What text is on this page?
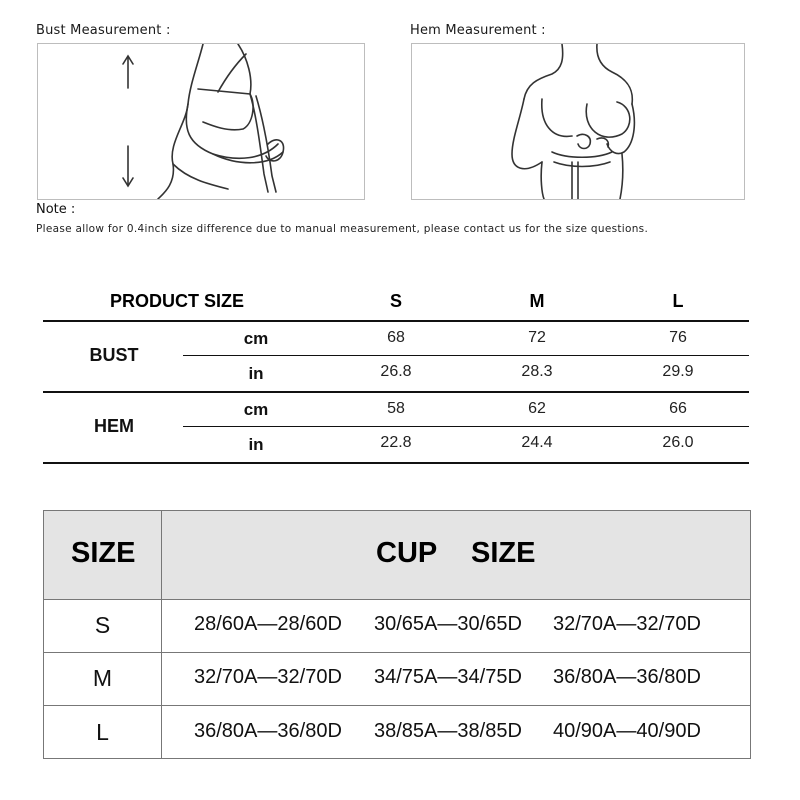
Bust Measurement :	Hem Measurement :
Note :
Please allow for 0.4inch size difference due to manual measurement, please contact us for the size questions.
PRODUCT SIZE	S	M	L
BUST
cm	68	72	76
in	26.8	28.3	29.9
HEM
cm	58	62	66
in	22.8	24.4	26.0
SIZE	CUP SIZE
S	28/60A—28/60D 30/65A—30/65D 32/70A—32/70D
M	32/70A—32/70D 34/75A—34/75D 36/80A—36/80D
L	36/80A—36/80D 38/85A—38/85D 40/90A—40/90D
